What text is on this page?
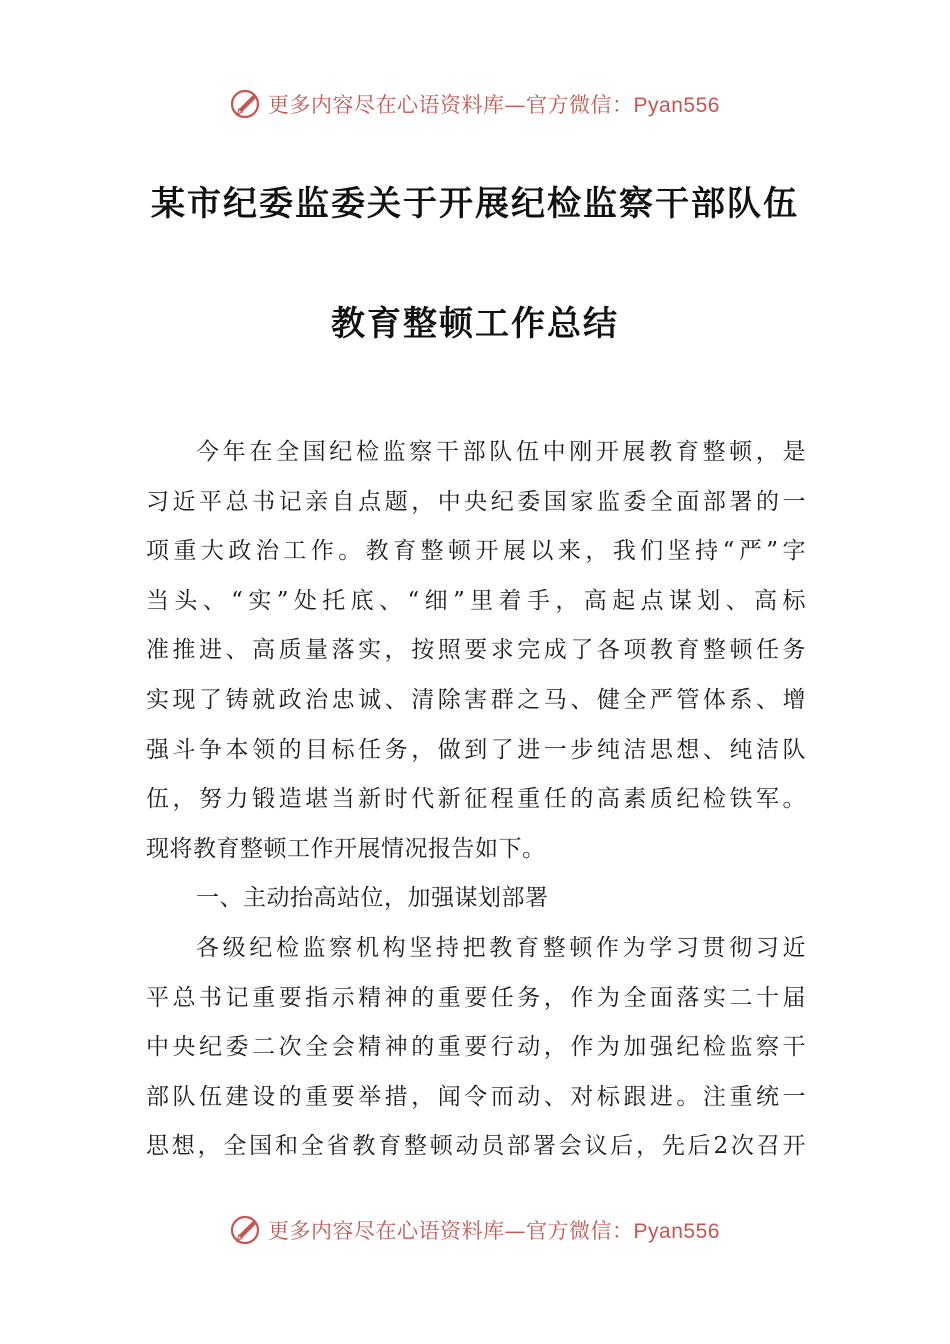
更多内容尽在心语资料库—官方微信：Pyan556
某市纪委监委关于开展纪检监察干部队伍
教育整顿工作总结
今年在全国纪检监察干部队伍中刚开展教育整顿，是
习近平总书记亲自点题，中央纪委国家监委全面部署的一
项重大政治工作。教育整顿开展以来，我们坚持“严”字
当头、“实”处托底、“细”里着手，高起点谋划、高标
准推进、高质量落实，按照要求完成了各项教育整顿任务
实现了铸就政治忠诚、清除害群之马、健全严管体系、增
强斗争本领的目标任务，做到了进一步纯洁思想、纯洁队
伍，努力锻造堪当新时代新征程重任的高素质纪检铁军。
现将教育整顿工作开展情况报告如下。
一、主动抬高站位，加强谋划部署
各级纪检监察机构坚持把教育整顿作为学习贯彻习近
平总书记重要指示精神的重要任务，作为全面落实二十届
中央纪委二次全会精神的重要行动，作为加强纪检监察干
部队伍建设的重要举措，闻令而动、对标跟进。注重统一
思想，全国和全省教育整顿动员部署会议后，先后2次召开
更多内容尽在心语资料库—官方微信：Pyan556
